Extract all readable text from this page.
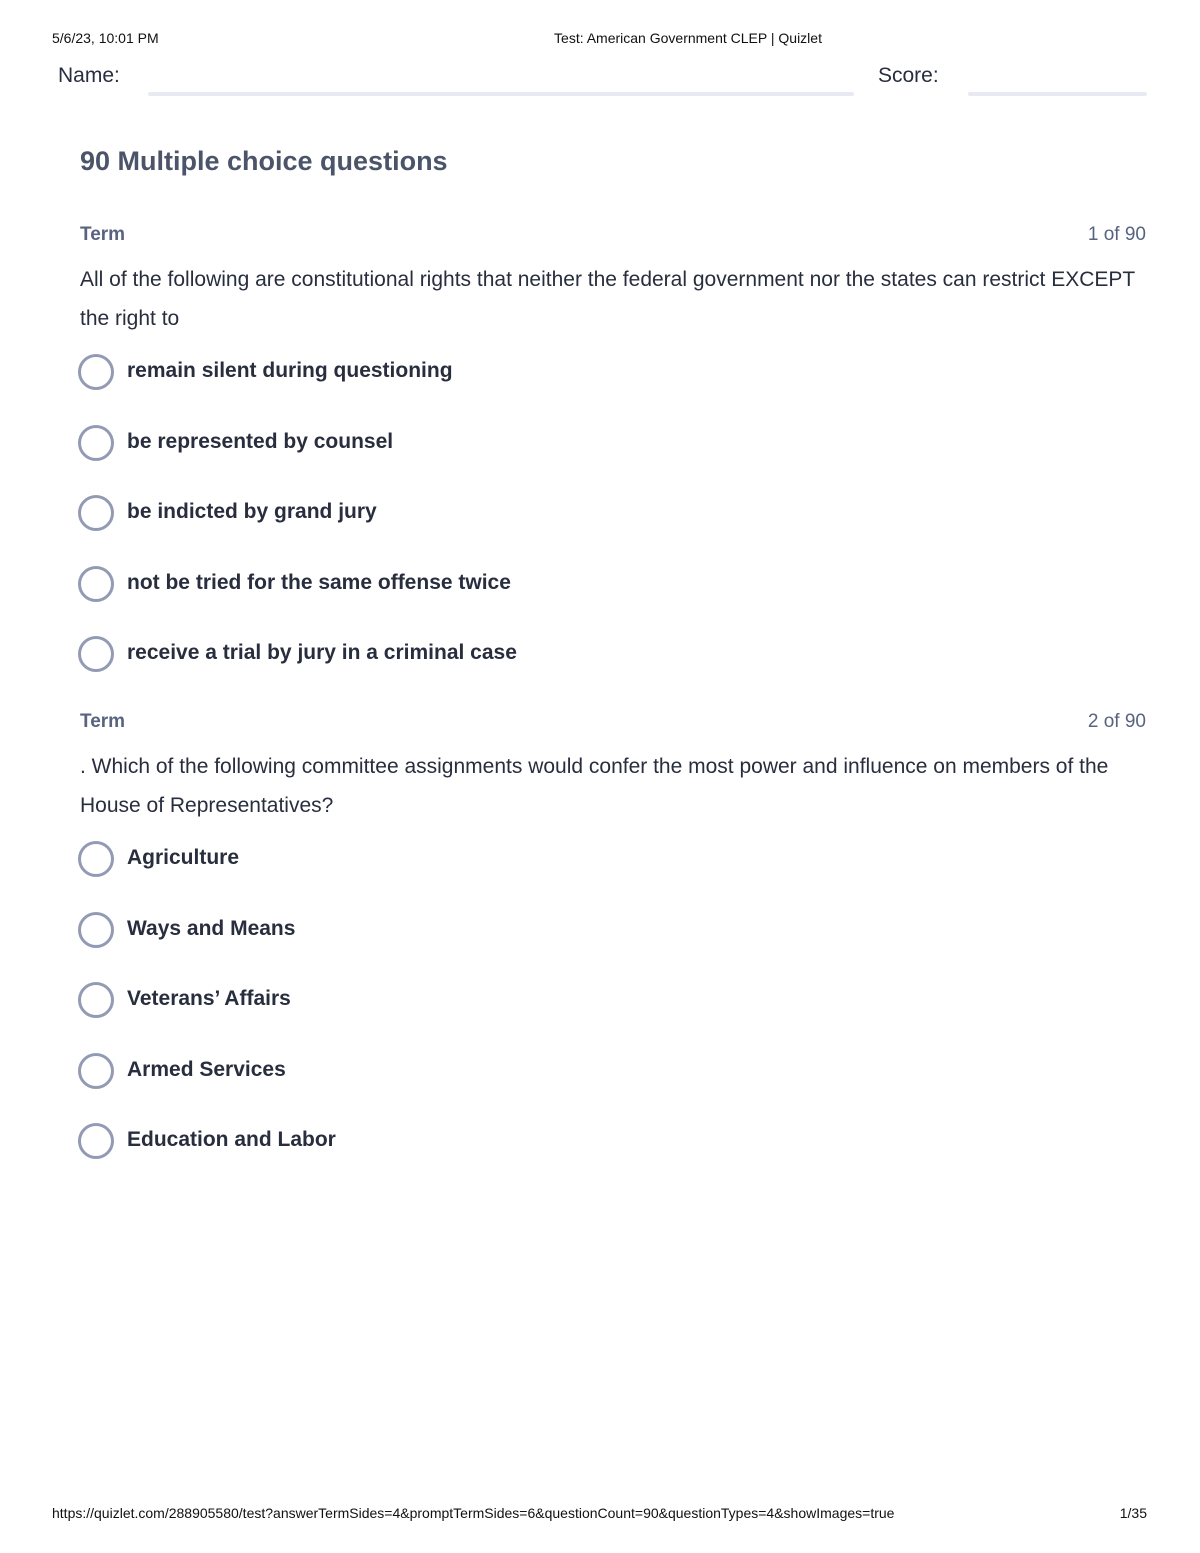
5/6/23, 10:01 PM	Test: American Government CLEP | Quizlet
Name:	Score:
90 Multiple choice questions
Term	1 of 90
All of the following are constitutional rights that neither the federal government nor the states can restrict EXCEPT the right to
remain silent during questioning
be represented by counsel
be indicted by grand jury
not be tried for the same offense twice
receive a trial by jury in a criminal case
Term	2 of 90
. Which of the following committee assignments would confer the most power and influence on members of the House of Representatives?
Agriculture
Ways and Means
Veterans’ Affairs
Armed Services
Education and Labor
https://quizlet.com/288905580/test?answerTermSides=4&promptTermSides=6&questionCount=90&questionTypes=4&showImages=true	1/35
